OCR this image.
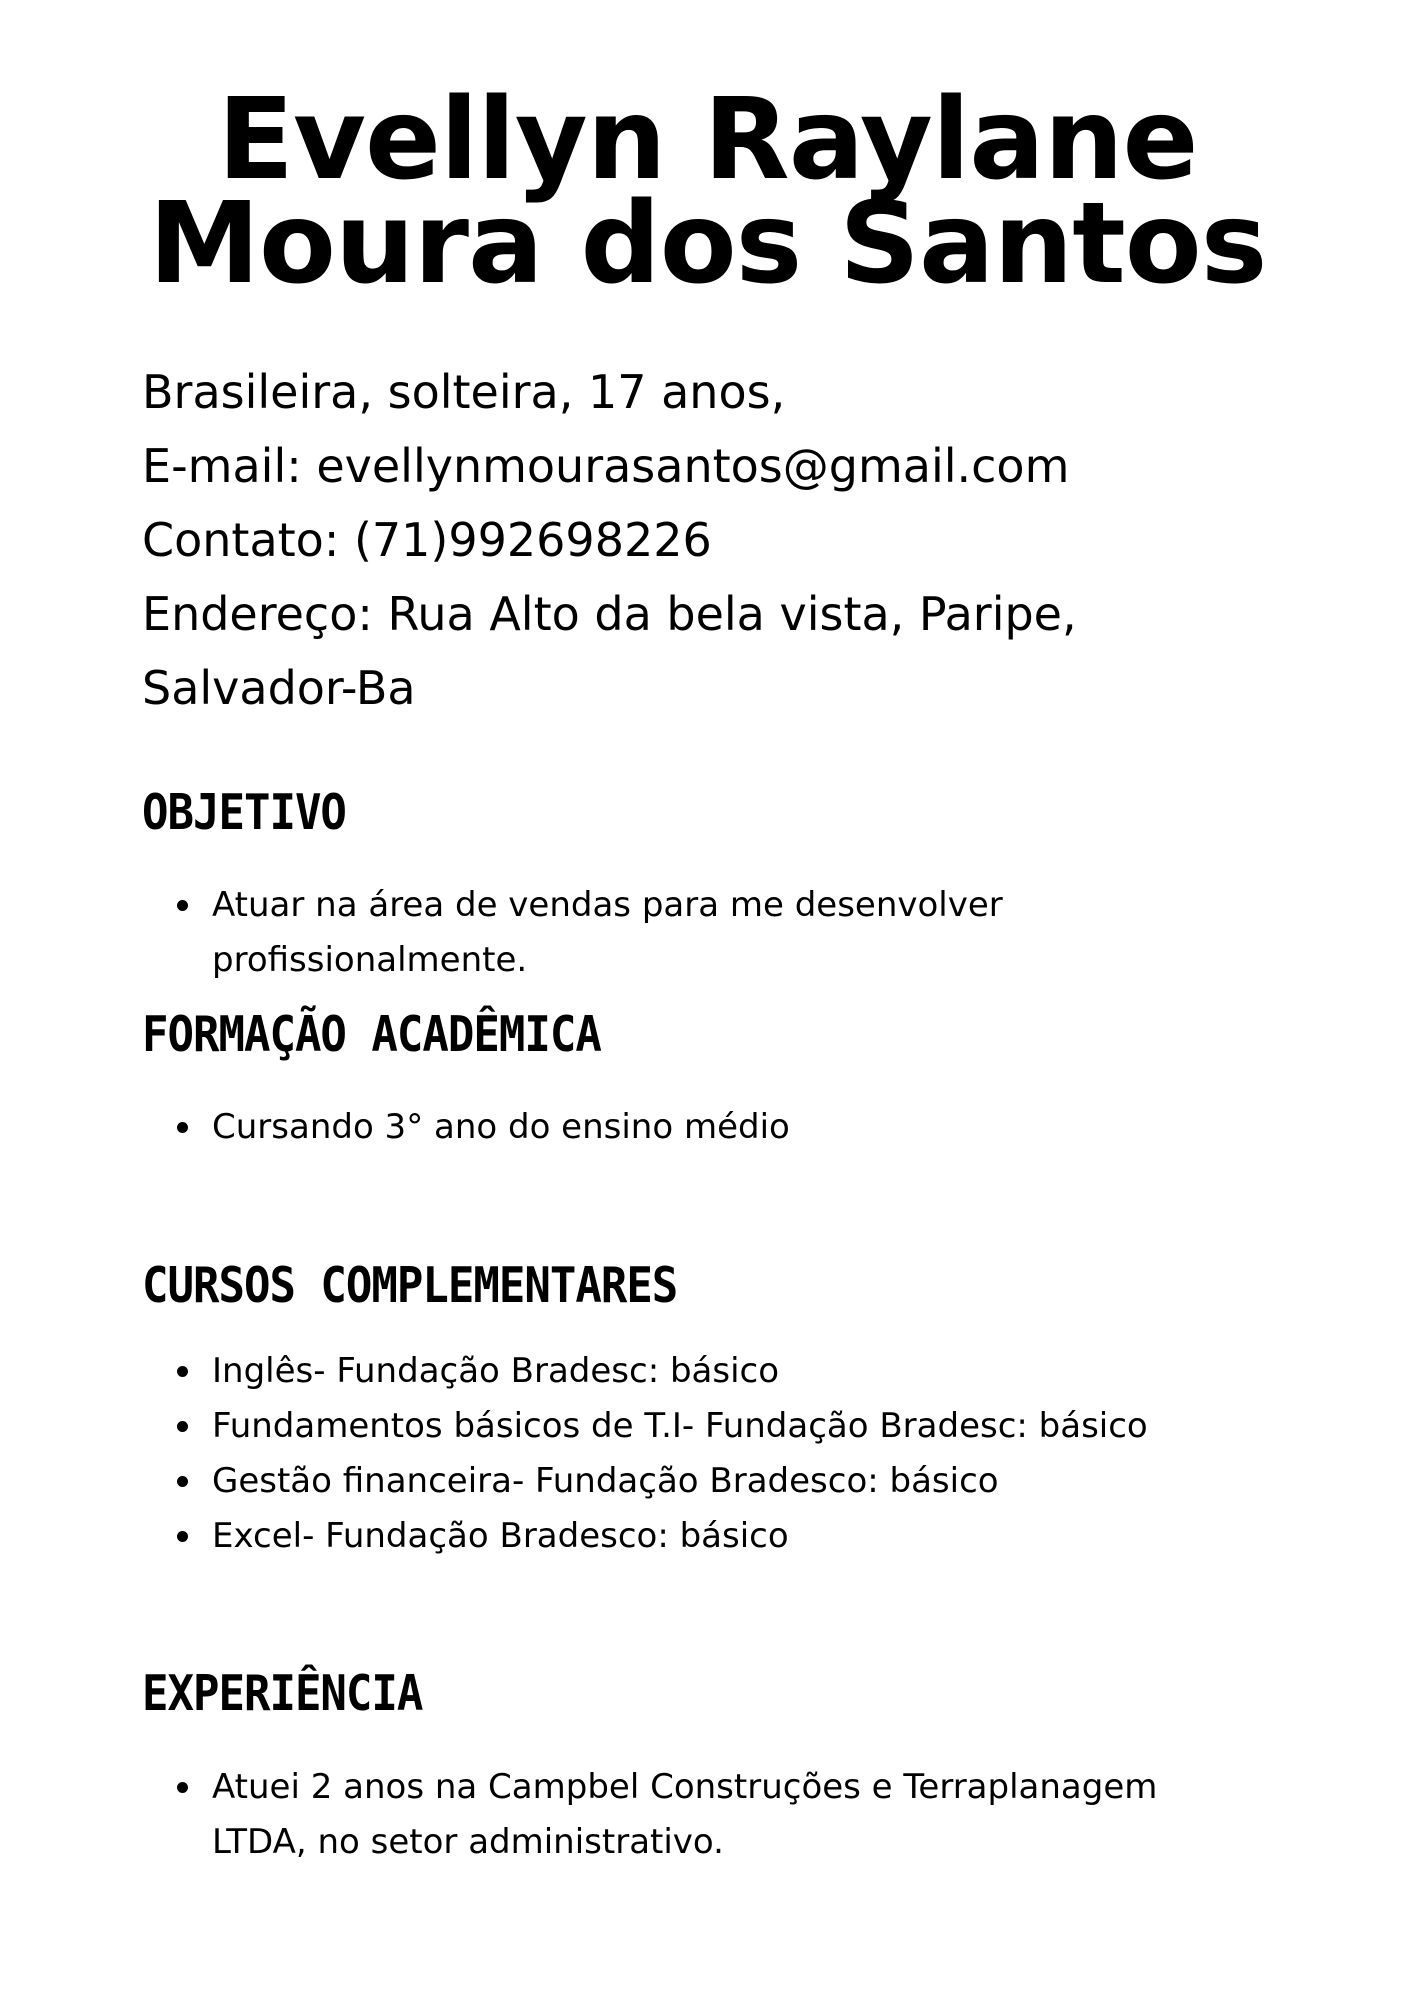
Evellyn Raylane
Moura dos Santos
Brasileira, solteira, 17 anos,
E-mail: evellynmourasantos@gmail.com
Contato: (71)992698226
Endereço: Rua Alto da bela vista, Paripe,
Salvador-Ba
OBJETIVO
Atuar na área de vendas para me desenvolver profissionalmente.
FORMAÇÃO ACADÊMICA
Cursando 3° ano do ensino médio
CURSOS COMPLEMENTARES
Inglês- Fundação Bradesc: básico
Fundamentos básicos de T.I- Fundação Bradesc: básico
Gestão financeira- Fundação Bradesco: básico
Excel- Fundação Bradesco: básico
EXPERIÊNCIA
Atuei 2 anos na Campbel Construções e Terraplanagem LTDA, no setor administrativo.
